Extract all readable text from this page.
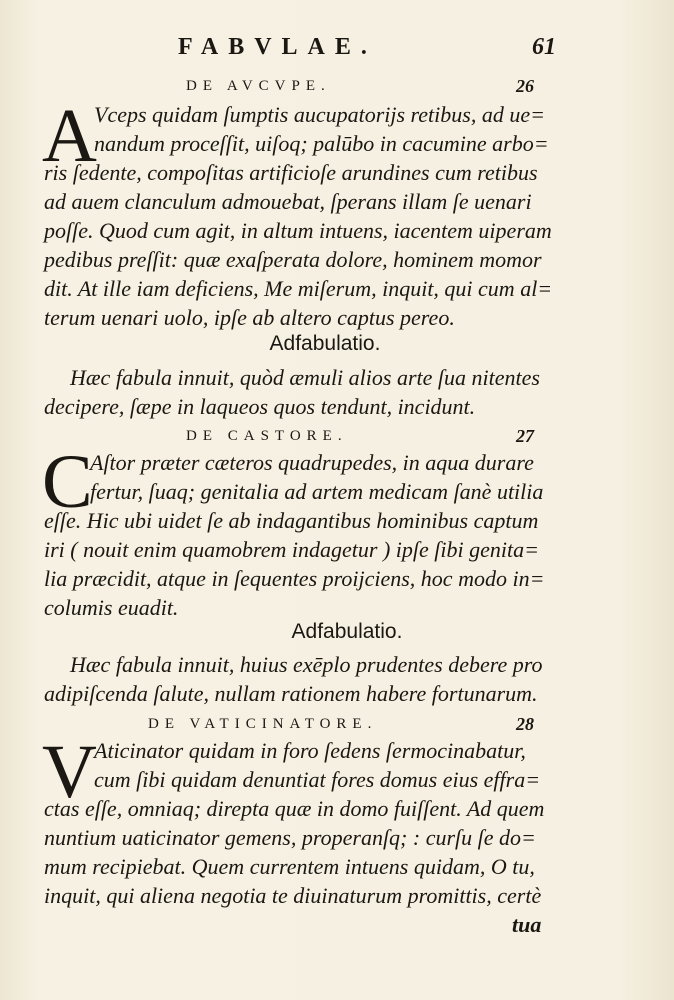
FABVLAE.	61
DE AVCVPE.	26
A
Vceps quidam ſumptis aucupatorijs retibus, ad ue=
nandum proceſſit, uiſoq; palūbo in cacumine arbo=
ris ſedente, compoſitas artificioſe arundines cum retibus
ad auem clanculum admouebat, ſperans illam ſe uenari
poſſe. Quod cum agit, in altum intuens, iacentem uiperam
pedibus preſſit: quæ exaſperata dolore, hominem momor
dit. At ille iam deficiens, Me miſerum, inquit, qui cum al=
terum uenari uolo, ipſe ab altero captus pereo.
Adfabulatio.
Hæc fabula innuit, quòd æmuli alios arte ſua nitentes
decipere, ſæpe in laqueos quos tendunt, incidunt.
DE CASTORE.	27
C
Aſtor præter cæteros quadrupedes, in aqua durare
fertur, ſuaq; genitalia ad artem medicam ſanè utilia
eſſe. Hic ubi uidet ſe ab indagantibus hominibus captum
iri ( nouit enim quamobrem indagetur ) ipſe ſibi genita=
lia præcidit, atque in ſequentes proijciens, hoc modo in=
columis euadit.
Adfabulatio.
Hæc fabula innuit, huius exēplo prudentes debere pro
adipiſcenda ſalute, nullam rationem habere fortunarum.
DE VATICINATORE.	28
V
Aticinator quidam in foro ſedens ſermocinabatur,
cum ſibi quidam denuntiat fores domus eius effra=
ctas eſſe, omniaq; direpta quæ in domo fuiſſent. Ad quem
nuntium uaticinator gemens, properanſq; : curſu ſe do=
mum recipiebat. Quem currentem intuens quidam, O tu,
inquit, qui aliena negotia te diuinaturum promittis, certè
tua
